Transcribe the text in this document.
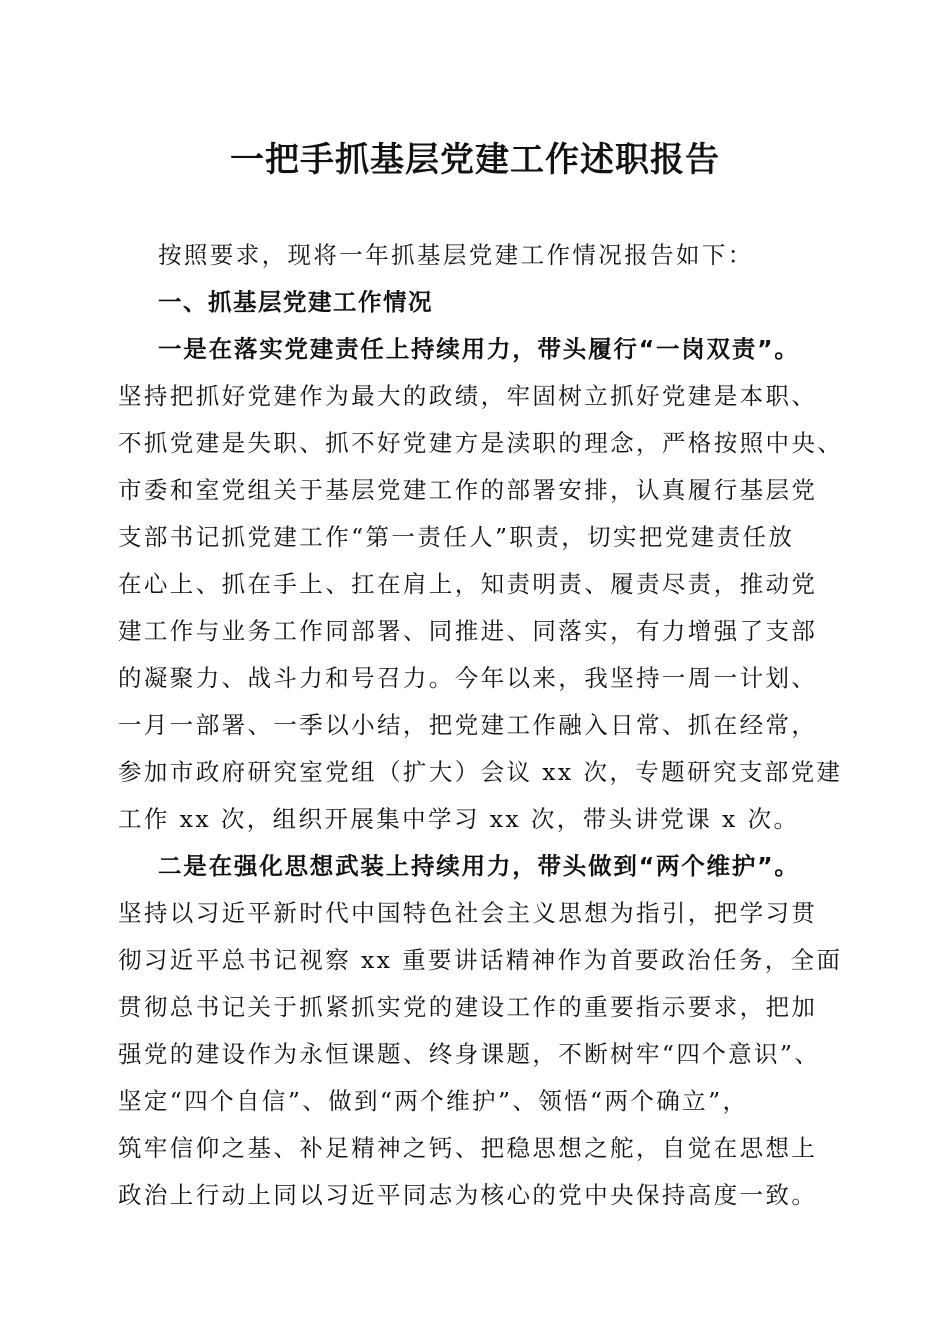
一把手抓基层党建工作述职报告
按照要求，现将一年抓基层党建工作情况报告如下：
一、抓基层党建工作情况
一是在落实党建责任上持续用力，带头履行“一岗双责”。
坚持把抓好党建作为最大的政绩，牢固树立抓好党建是本职、
不抓党建是失职、抓不好党建方是渎职的理念，严格按照中央、
市委和室党组关于基层党建工作的部署安排，认真履行基层党
支部书记抓党建工作“第一责任人”职责，切实把党建责任放
在心上、抓在手上、扛在肩上，知责明责、履责尽责，推动党
建工作与业务工作同部署、同推进、同落实，有力增强了支部
的凝聚力、战斗力和号召力。今年以来，我坚持一周一计划、
一月一部署、一季以小结，把党建工作融入日常、抓在经常，
参加市政府研究室党组（扩大）会议 xx 次，专题研究支部党建
工作 xx 次，组织开展集中学习 xx 次，带头讲党课 x 次。
二是在强化思想武装上持续用力，带头做到“两个维护”。
坚持以习近平新时代中国特色社会主义思想为指引，把学习贯
彻习近平总书记视察 xx 重要讲话精神作为首要政治任务，全面
贯彻总书记关于抓紧抓实党的建设工作的重要指示要求，把加
强党的建设作为永恒课题、终身课题，不断树牢“四个意识”、
坚定“四个自信”、做到“两个维护”、领悟“两个确立”，
筑牢信仰之基、补足精神之钙、把稳思想之舵，自觉在思想上
政治上行动上同以习近平同志为核心的党中央保持高度一致。
